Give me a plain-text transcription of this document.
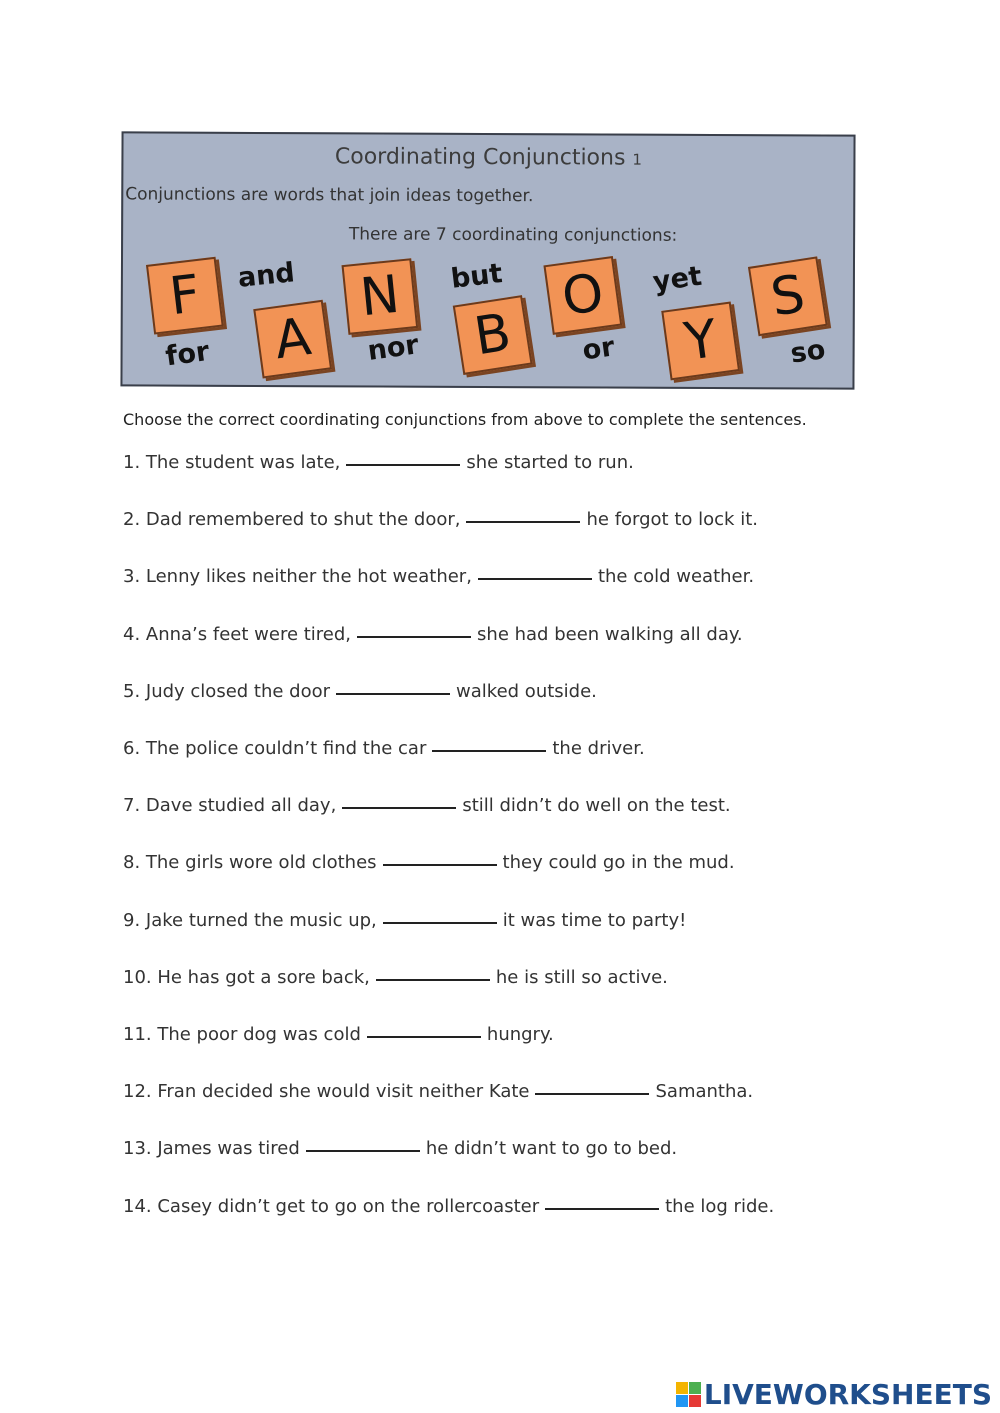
Coordinating Conjunctions 1
Conjunctions are words that join ideas together.
There are 7 coordinating conjunctions:
F
A
N
B
O
Y
S
for
and
nor
but
or
yet
so
Choose the correct coordinating conjunctions from above to complete the sentences.
1. The student was late,	she started to run.
2. Dad remembered to shut the door,	he forgot to lock it.
3. Lenny likes neither the hot weather,	the cold weather.
4. Anna’s feet were tired,	she had been walking all day.
5. Judy closed the door	walked outside.
6. The police couldn’t find the car	the driver.
7. Dave studied all day,	still didn’t do well on the test.
8. The girls wore old clothes	they could go in the mud.
9. Jake turned the music up,	it was time to party!
10. He has got a sore back,	he is still so active.
11. The poor dog was cold	hungry.
12. Fran decided she would visit neither Kate	Samantha.
13. James was tired	he didn’t want to go to bed.
14. Casey didn’t get to go on the rollercoaster	the log ride.
LIVEWORKSHEETS
